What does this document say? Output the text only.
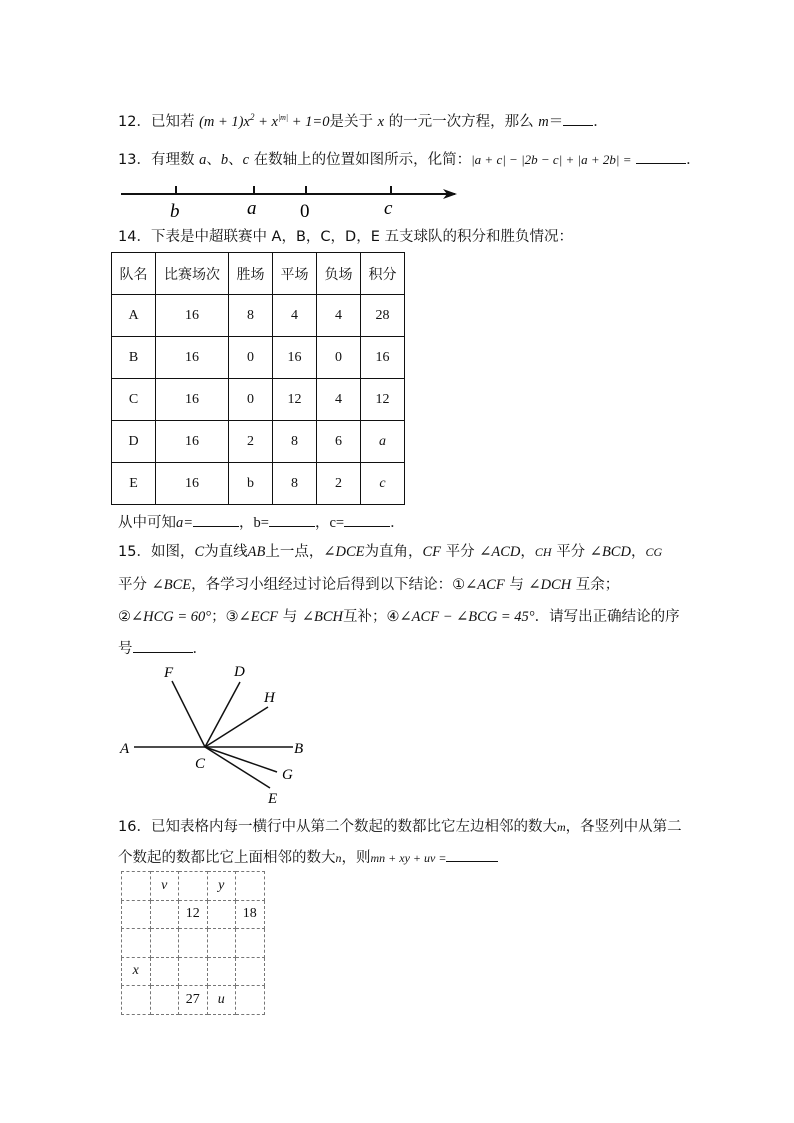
12．已知若 $(m + 1)x^2 + x^{|m|} + 1=0$是关于 x 的一元一次方程，那么 m＝ ．
13．有理数 a、b、c 在数轴上的位置如图所示，化简：|a + c| − |2b − c| + |a + 2b| =	．
b	a 0	c
14．下表是中超联赛中 A，B，C，D，E 五支球队的积分和胜负情况：
队名	比赛场次	胜场	平场	负场	积分
A	16	8	4	4	28
B	16	0	16	0	16
C	16	0	12	4	12
D	16	2	8	6	a
E	16	b	8	2	c
从中可知a=	，b=	，c=	．
15．如图，C为直线AB上一点，∠DCE为直角，CF 平分 ∠ACD，CH 平分 ∠BCD，CG
平分 ∠BCE，各学习小组经过讨论后得到以下结论：①∠ACF 与 ∠DCH 互余；
②∠HCG = 60°；③∠ECF 与 ∠BCH互补；④∠ACF − ∠BCG = 45°．请写出正确结论的序
号	．
F	D
H
A
C
B
G
E
16．已知表格内每一横行中从第二个数起的数都比它左边相邻的数大m，各竖列中从第二
个数起的数都比它上面相邻的数大n，则mn + xy + uv =
	v		y	
		12		18

x				
		27	u	
